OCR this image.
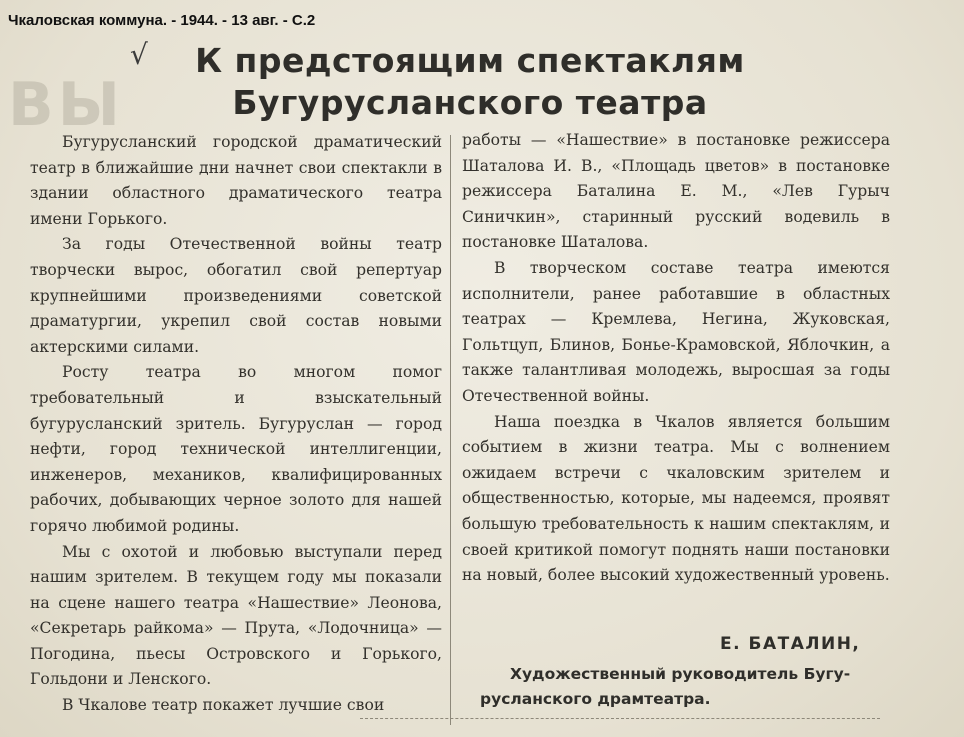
Чкаловская коммуна. - 1944. - 13 авг. - С.2
√
ВЫ
К предстоящим спектаклям
Бугурусланского театра

Бугурусланский городской драматический театр в ближайшие дни начнет свои спектакли в здании областного драматического театра имени Горького.

За годы Отечественной войны театр творчески вырос, обогатил свой репертуар крупнейшими произведениями советской драматургии, укрепил свой состав новыми актерскими силами.

Росту театра во многом помог требовательный и взыскательный бугурусланский зритель. Бугуруслан — город нефти, город технической интеллигенции, инженеров, механиков, квалифицированных рабочих, добывающих черное золото для нашей горячо любимой родины.

Мы с охотой и любовью выступали перед нашим зрителем. В текущем году мы показали на сцене нашего театра «Нашествие» Леонова, «Секретарь райкома» — Прута, «Лодочница» — Погодина, пьесы Островского и Горького, Гольдони и Ленского.

В Чкалове театр покажет лучшие свои

работы — «Нашествие» в постановке режиссера Шаталова И. В., «Площадь цветов» в постановке режиссера Баталина Е. М., «Лев Гурыч Синичкин», старинный русский водевиль в постановке Шаталова.

В творческом составе театра имеются исполнители, ранее работавшие в областных театрах — Кремлева, Негина, Жуковская, Гольтцуп, Блинов, Бонье-Крамовской, Яблочкин, а также талантливая молодежь, выросшая за годы Отечественной войны.

Наша поездка в Чкалов является большим событием в жизни театра. Мы с волнением ожидаем встречи с чкаловским зрителем и общественностью, которые, мы надеемся, проявят большую требовательность к нашим спектаклям, и своей критикой помогут поднять наши постановки на новый, более высокий художественный уровень.

Е. БАТАЛИН,
Художественный руководитель Бугу-
русланского драмтеатра.
